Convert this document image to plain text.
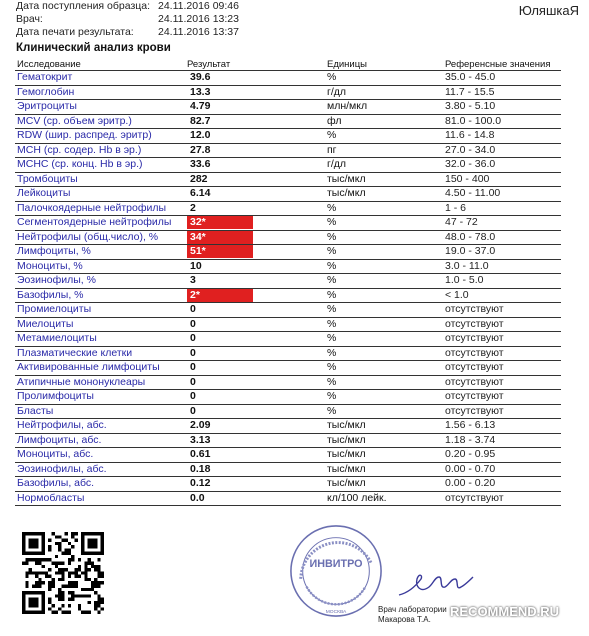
Дата поступления образца: 24.11.2016 09:46
Врач:	24.11.2016 13:23
Дата печати результата: 24.11.2016 13:37
ЮляшкаЯ
Клинический анализ крови
Исследование	Результат	Единицы	Референсные значения
Гематокрит	39.6	%	35.0 - 45.0
Гемоглобин	13.3	г/дл	11.7 - 15.5
Эритроциты	4.79	млн/мкл	3.80 - 5.10
MCV (ср. объем эритр.)	82.7	фл	81.0 - 100.0
RDW (шир. распред. эритр)	12.0	%	11.6 - 14.8
MCH (ср. содер. Hb в эр.)	27.8	пг	27.0 - 34.0
MCHC (ср. конц. Hb в эр.)	33.6	г/дл	32.0 - 36.0
Тромбоциты	282	тыс/мкл	150 - 400
Лейкоциты	6.14	тыс/мкл	4.50 - 11.00
Палочкоядерные нейтрофилы	2	%	1 - 6
Сегментоядерные нейтрофилы	32*	%	47 - 72
Нейтрофилы (общ.число), %	34*	%	48.0 - 78.0
Лимфоциты, %	51*	%	19.0 - 37.0
Моноциты, %	10	%	3.0 - 11.0
Эозинофилы, %	3	%	1.0 - 5.0
Базофилы, %	2*	%	< 1.0
Промиелоциты	0	%	отсутствуют
Миелоциты	0	%	отсутствуют
Метамиелоциты	0	%	отсутствуют
Плазматические клетки	0	%	отсутствуют
Активированные лимфоциты	0	%	отсутствуют
Атипичные мононуклеары	0	%	отсутствуют
Пролимфоциты	0	%	отсутствуют
Бласты	0	%	отсутствуют
Нейтрофилы, абс.	2.09	тыс/мкл	1.56 - 6.13
Лимфоциты, абс.	3.13	тыс/мкл	1.18 - 3.74
Моноциты, абс.	0.61	тыс/мкл	0.20 - 0.95
Эозинофилы, абс.	0.18	тыс/мкл	0.00 - 0.70
Базофилы, абс.	0.12	тыс/мкл	0.00 - 0.20
Нормобласты	0.0	кл/100 лейк.	отсутствуют
ИНВИТРО
МОСКВА	Врач лаборатории
Макарова Т.А.
RECOMMEND.RU
